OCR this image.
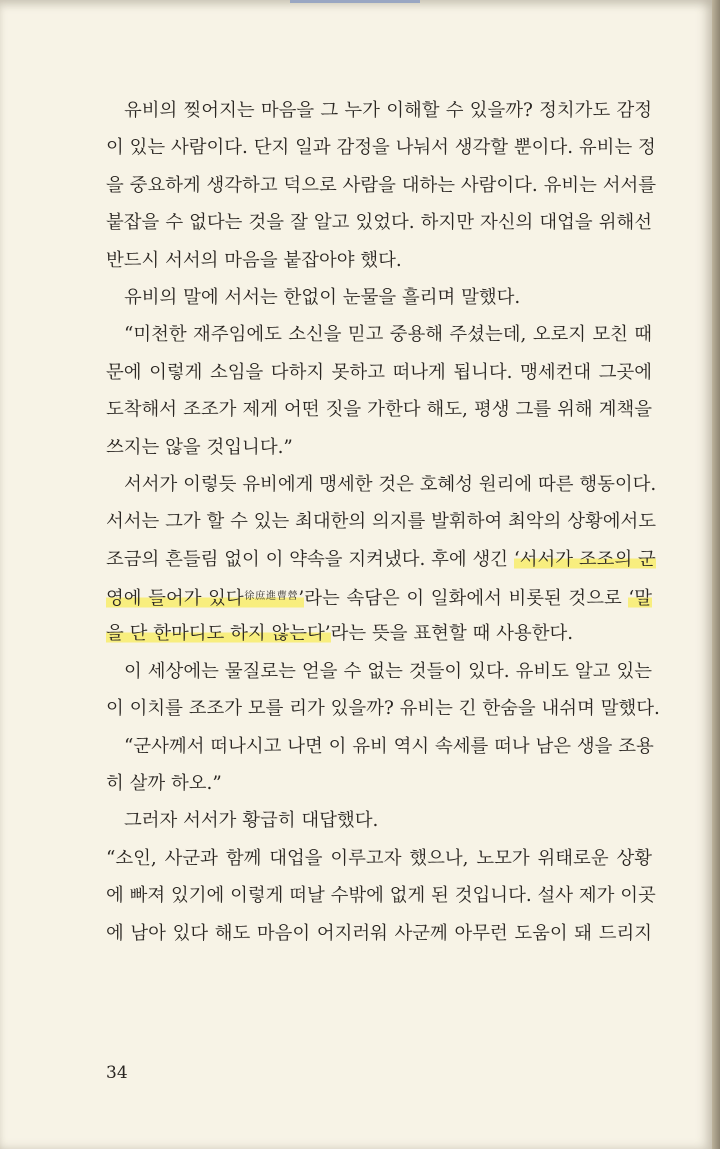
유비의 찢어지는 마음을 그 누가 이해할 수 있을까? 정치가도 감정
이 있는 사람이다. 단지 일과 감정을 나눠서 생각할 뿐이다. 유비는 정
을 중요하게 생각하고 덕으로 사람을 대하는 사람이다. 유비는 서서를
붙잡을 수 없다는 것을 잘 알고 있었다. 하지만 자신의 대업을 위해선
반드시 서서의 마음을 붙잡아야 했다.
유비의 말에 서서는 한없이 눈물을 흘리며 말했다.
“미천한 재주임에도 소신을 믿고 중용해 주셨는데, 오로지 모친 때
문에 이렇게 소임을 다하지 못하고 떠나게 됩니다. 맹세컨대 그곳에
도착해서 조조가 제게 어떤 짓을 가한다 해도, 평생 그를 위해 계책을
쓰지는 않을 것입니다.”
서서가 이렇듯 유비에게 맹세한 것은 호혜성 원리에 따른 행동이다.
서서는 그가 할 수 있는 최대한의 의지를 발휘하여 최악의 상황에서도
조금의 흔들림 없이 이 약속을 지켜냈다. 후에 생긴 ‘서서가 조조의 군
영에 들어가 있다$^{徐庶進曹營}$’라는 속담은 이 일화에서 비롯된 것으로 ‘말
을 단 한마디도 하지 않는다’라는 뜻을 표현할 때 사용한다.
이 세상에는 물질로는 얻을 수 없는 것들이 있다. 유비도 알고 있는
이 이치를 조조가 모를 리가 있을까? 유비는 긴 한숨을 내쉬며 말했다.
“군사께서 떠나시고 나면 이 유비 역시 속세를 떠나 남은 생을 조용
히 살까 하오.”
그러자 서서가 황급히 대답했다.
“소인, 사군과 함께 대업을 이루고자 했으나, 노모가 위태로운 상황
에 빠져 있기에 이렇게 떠날 수밖에 없게 된 것입니다. 설사 제가 이곳
에 남아 있다 해도 마음이 어지러워 사군께 아무런 도움이 돼 드리지
34
